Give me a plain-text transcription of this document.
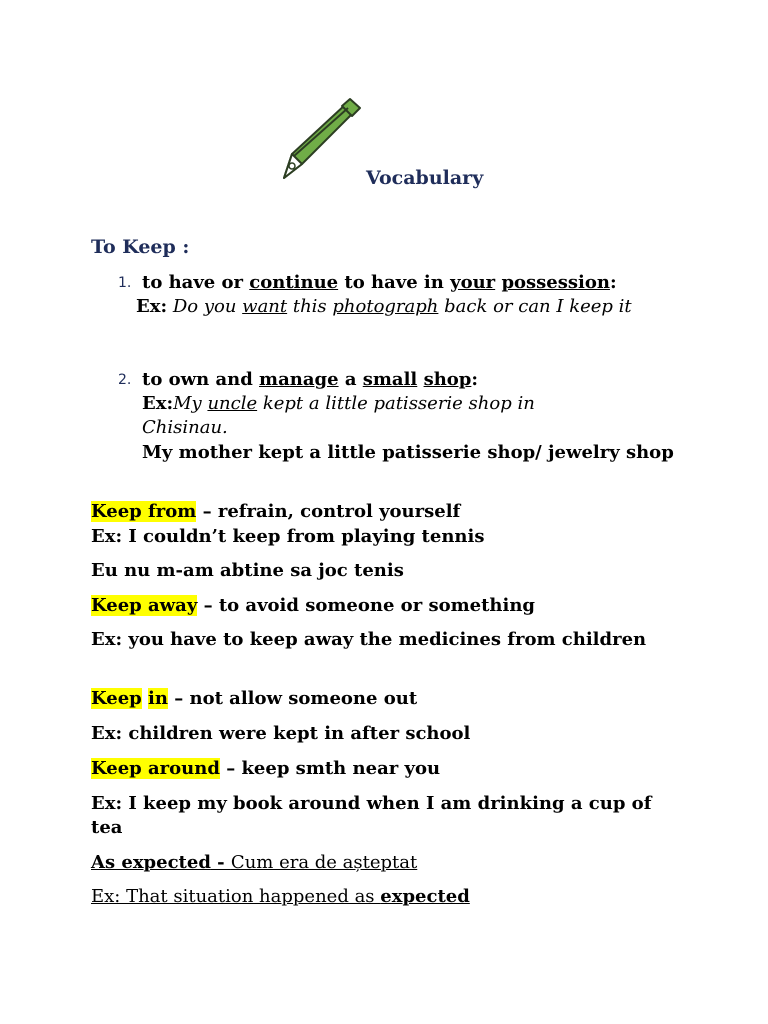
Vocabulary
To Keep :
1. to have or continue to have in your possession:
Ex: Do you want this photograph back or can I keep it
2. to own and manage a small shop:
Ex:My uncle kept a little patisserie shop in Chisinau.
My mother kept a little patisserie shop/ jewelry shop
Keep from – refrain, control yourself
Ex: I couldn’t keep from playing tennis
Eu nu m-am abtine sa joc tenis
Keep away – to avoid someone or something
Ex: you have to keep away the medicines from children
Keep in – not allow someone out
Ex: children were kept in after school
Keep around – keep smth near you
Ex: I keep my book around when I am drinking a cup of tea
As expected - Cum era de așteptat
Ex: That situation happened as expected
